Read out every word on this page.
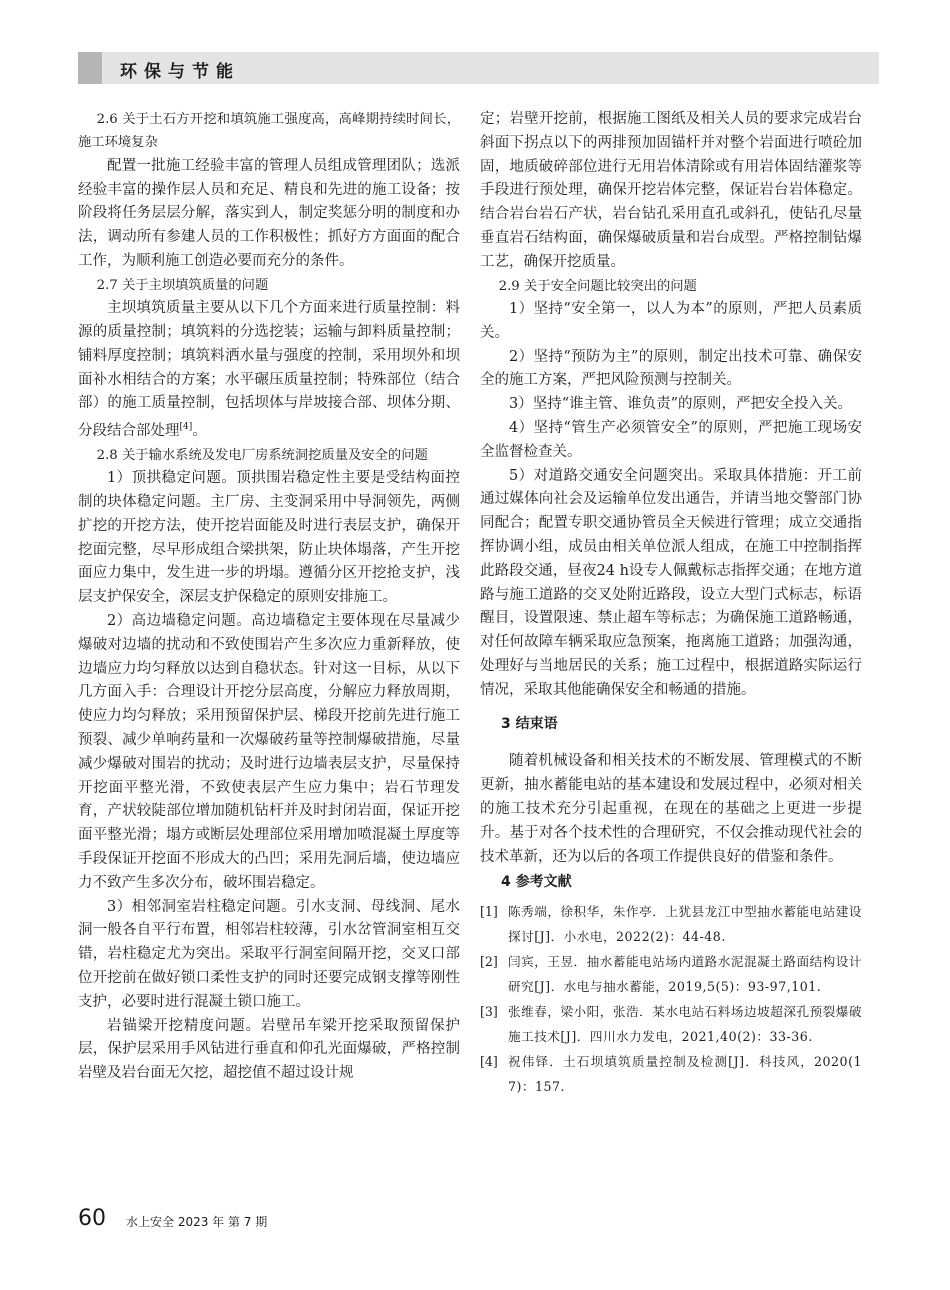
环保与节能

2.6 关于土石方开挖和填筑施工强度高，高峰期持续时间长，施工环境复杂

配置一批施工经验丰富的管理人员组成管理团队；选派经验丰富的操作层人员和充足、精良和先进的施工设备；按阶段将任务层层分解，落实到人，制定奖惩分明的制度和办法，调动所有参建人员的工作积极性；抓好方方面面的配合工作，为顺利施工创造必要而充分的条件。

2.7 关于主坝填筑质量的问题

主坝填筑质量主要从以下几个方面来进行质量控制：料源的质量控制；填筑料的分选挖装；运输与卸料质量控制；铺料厚度控制；填筑料洒水量与强度的控制，采用坝外和坝面补水相结合的方案；水平碾压质量控制；特殊部位（结合部）的施工质量控制，包括坝体与岸坡接合部、坝体分期、分段结合部处理[4]。

2.8 关于输水系统及发电厂房系统洞挖质量及安全的问题

1）顶拱稳定问题。顶拱围岩稳定性主要是受结构面控制的块体稳定问题。主厂房、主变洞采用中导洞领先，两侧扩挖的开挖方法，使开挖岩面能及时进行表层支护，确保开挖面完整，尽早形成组合梁拱架，防止块体塌落，产生开挖面应力集中，发生进一步的坍塌。遵循分区开挖抢支护，浅层支护保安全，深层支护保稳定的原则安排施工。

2）高边墙稳定问题。高边墙稳定主要体现在尽量减少爆破对边墙的扰动和不致使围岩产生多次应力重新释放，使边墙应力均匀释放以达到自稳状态。针对这一目标，从以下几方面入手：合理设计开挖分层高度，分解应力释放周期，使应力均匀释放；采用预留保护层、梯段开挖前先进行施工预裂、减少单响药量和一次爆破药量等控制爆破措施，尽量减少爆破对围岩的扰动；及时进行边墙表层支护，尽量保持开挖面平整光滑，不致使表层产生应力集中；岩石节理发育，产状较陡部位增加随机钻杆并及时封闭岩面，保证开挖面平整光滑；塌方或断层处理部位采用增加喷混凝土厚度等手段保证开挖面不形成大的凸凹；采用先洞后墙，使边墙应力不致产生多次分布，破坏围岩稳定。

3）相邻洞室岩柱稳定问题。引水支洞、母线洞、尾水洞一般各自平行布置，相邻岩柱较薄，引水岔管洞室相互交错，岩柱稳定尤为突出。采取平行洞室间隔开挖，交叉口部位开挖前在做好锁口柔性支护的同时还要完成钢支撑等刚性支护，必要时进行混凝土锁口施工。

岩锚梁开挖精度问题。岩壁吊车梁开挖采取预留保护层，保护层采用手风钻进行垂直和仰孔光面爆破，严格控制岩壁及岩台面无欠挖，超挖值不超过设计规

定；岩壁开挖前，根据施工图纸及相关人员的要求完成岩台斜面下拐点以下的两排预加固锚杆并对整个岩面进行喷砼加固，地质破碎部位进行无用岩体清除或有用岩体固结灌浆等手段进行预处理，确保开挖岩体完整，保证岩台岩体稳定。结合岩台岩石产状，岩台钻孔采用直孔或斜孔，使钻孔尽量垂直岩石结构面，确保爆破质量和岩台成型。严格控制钻爆工艺，确保开挖质量。

2.9 关于安全问题比较突出的问题

1）坚持“安全第一，以人为本”的原则，严把人员素质关。

2）坚持“预防为主”的原则，制定出技术可靠、确保安全的施工方案，严把风险预测与控制关。

3）坚持“谁主管、谁负责”的原则，严把安全投入关。

4）坚持“管生产必须管安全”的原则，严把施工现场安全监督检查关。

5）对道路交通安全问题突出。采取具体措施：开工前通过媒体向社会及运输单位发出通告，并请当地交警部门协同配合；配置专职交通协管员全天候进行管理；成立交通指挥协调小组，成员由相关单位派人组成，在施工中控制指挥此路段交通，昼夜24 h设专人佩戴标志指挥交通；在地方道路与施工道路的交叉处附近路段，设立大型门式标志，标语醒目，设置限速、禁止超车等标志；为确保施工道路畅通，对任何故障车辆采取应急预案，拖离施工道路；加强沟通，处理好与当地居民的关系；施工过程中，根据道路实际运行情况，采取其他能确保安全和畅通的措施。

3 结束语

随着机械设备和相关技术的不断发展、管理模式的不断更新，抽水蓄能电站的基本建设和发展过程中，必须对相关的施工技术充分引起重视，在现在的基础之上更进一步提升。基于对各个技术性的合理研究，不仅会推动现代社会的技术革新，还为以后的各项工作提供良好的借鉴和条件。

4 参考文献

[1] 陈秀端，徐积华，朱作亭．上犹县龙江中型抽水蓄能电站建设探讨[J]．小水电，2022(2)：44-48.
[2] 闫宾，王昱．抽水蓄能电站场内道路水泥混凝土路面结构设计研究[J]．水电与抽水蓄能，2019,5(5)：93-97,101.
[3] 张维春，梁小阳，张浩．某水电站石料场边坡超深孔预裂爆破施工技术[J]．四川水力发电，2021,40(2)：33-36.
[4] 祝伟铎．土石坝填筑质量控制及检测[J]．科技风，2020(17)：157.
60 水上安全 2023 年 第 7 期
